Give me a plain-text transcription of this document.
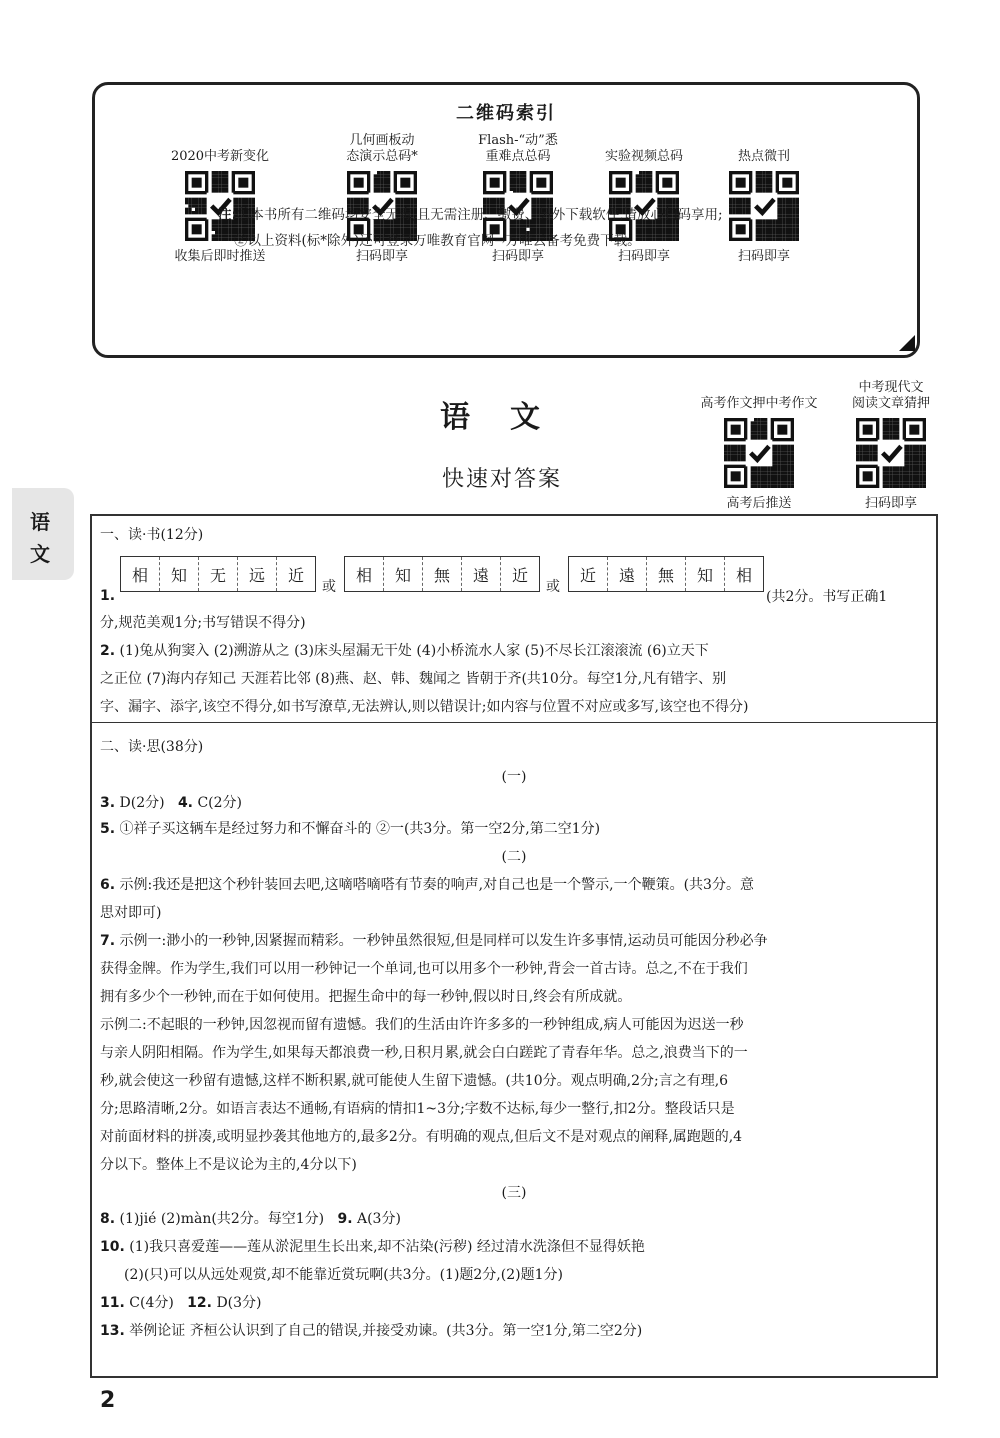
二维码索引
2020中考新变化
收集后即时推送
几何画板动
态演示总码*
扫码即享
Flash-“动”悉
重难点总码
扫码即享
实验视频总码
扫码即享
热点微刊
扫码即享
注:①本书所有二维码均安全无毒,且无需注册、缴费、另外下载软件,请放心扫码享用;
②以上资料(标*除外)还可登录万唯教育官网→万唯云备考免费下载。
语文
快速对答案
高考作文押中考作文
高考后推送
中考现代文
阅读文章猜押
扫码即享
语
文
一、读·书(12分)
1.
相	知	无	远	近
或
相	知	無	遠	近
或
近	遠	無	知	相
(共2分。书写正确1
分,规范美观1分;书写错误不得分)
2. (1)兔从狗窦入 (2)溯游从之 (3)床头屋漏无干处 (4)小桥流水人家 (5)不尽长江滚滚流 (6)立天下
之正位 (7)海内存知己 天涯若比邻 (8)燕、赵、韩、魏闻之 皆朝于齐(共10分。每空1分,凡有错字、别
字、漏字、添字,该空不得分,如书写潦草,无法辨认,则以错误计;如内容与位置不对应或多写,该空也不得分)
二、读·思(38分)
(一)
3. D(2分) 4. C(2分)
5. ①祥子买这辆车是经过努力和不懈奋斗的 ②一(共3分。第一空2分,第二空1分)
(二)
6. 示例:我还是把这个秒针装回去吧,这嘀嗒嘀嗒有节奏的响声,对自己也是一个警示,一个鞭策。(共3分。意
思对即可)
7. 示例一:渺小的一秒钟,因紧握而精彩。一秒钟虽然很短,但是同样可以发生许多事情,运动员可能因分秒必争
获得金牌。作为学生,我们可以用一秒钟记一个单词,也可以用多个一秒钟,背会一首古诗。总之,不在于我们
拥有多少个一秒钟,而在于如何使用。把握生命中的每一秒钟,假以时日,终会有所成就。
示例二:不起眼的一秒钟,因忽视而留有遗憾。我们的生活由许许多多的一秒钟组成,病人可能因为迟送一秒
与亲人阴阳相隔。作为学生,如果每天都浪费一秒,日积月累,就会白白蹉跎了青春年华。总之,浪费当下的一
秒,就会使这一秒留有遗憾,这样不断积累,就可能使人生留下遗憾。(共10分。观点明确,2分;言之有理,6
分;思路清晰,2分。如语言表达不通畅,有语病的情扣1~3分;字数不达标,每少一整行,扣2分。整段话只是
对前面材料的拼凑,或明显抄袭其他地方的,最多2分。有明确的观点,但后文不是对观点的阐释,属跑题的,4
分以下。整体上不是议论为主的,4分以下)
(三)
8. (1)jié (2)màn(共2分。每空1分) 9. A(3分)
10. (1)我只喜爱莲——莲从淤泥里生长出来,却不沾染(污秽) 经过清水洗涤但不显得妖艳
(2)(只)可以从远处观赏,却不能靠近赏玩啊(共3分。(1)题2分,(2)题1分)
11. C(4分) 12. D(3分)
13. 举例论证 齐桓公认识到了自己的错误,并接受劝谏。(共3分。第一空1分,第二空2分)
2
